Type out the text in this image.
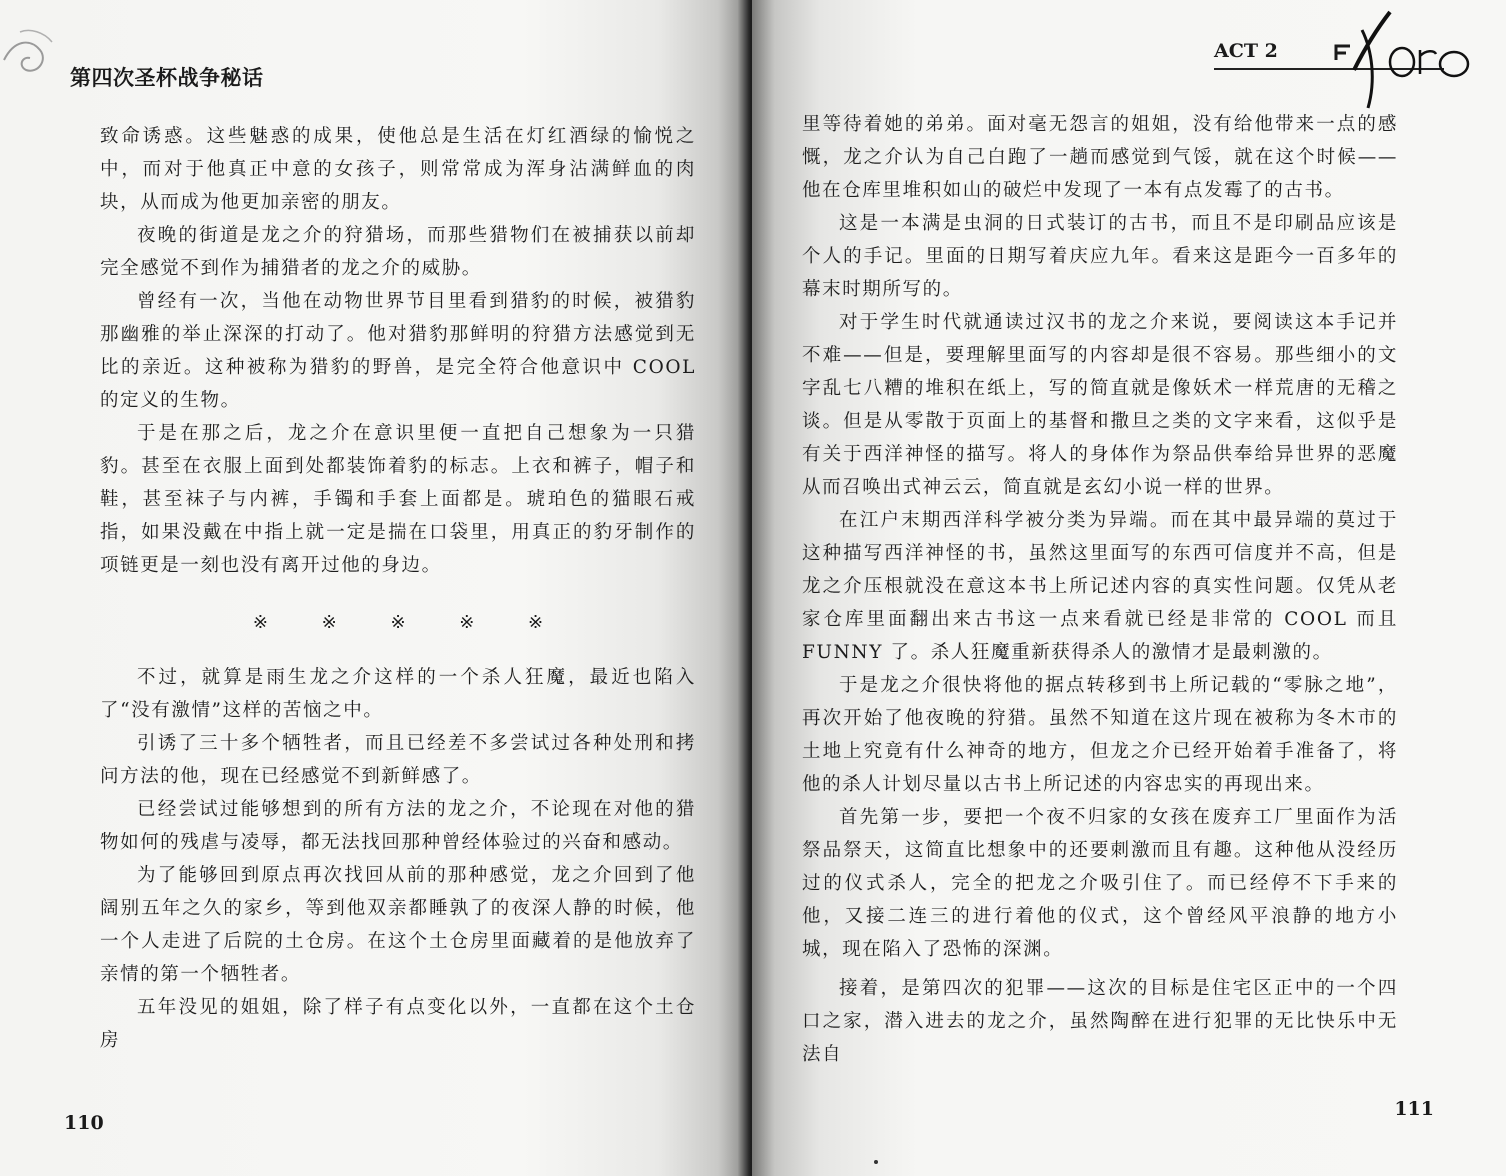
第四次圣杯战争秘话

致命诱惑。这些魅惑的成果，使他总是生活在灯红酒绿的愉悦之中，而对于他真正中意的女孩子，则常常成为浑身沾满鲜血的肉块，从而成为他更加亲密的朋友。

夜晚的街道是龙之介的狩猎场，而那些猎物们在被捕获以前却完全感觉不到作为捕猎者的龙之介的威胁。

曾经有一次，当他在动物世界节目里看到猎豹的时候，被猎豹那幽雅的举止深深的打动了。他对猎豹那鲜明的狩猎方法感觉到无比的亲近。这种被称为猎豹的野兽，是完全符合他意识中 COOL 的定义的生物。

于是在那之后，龙之介在意识里便一直把自己想象为一只猎豹。甚至在衣服上面到处都装饰着豹的标志。上衣和裤子，帽子和鞋，甚至袜子与内裤，手镯和手套上面都是。琥珀色的猫眼石戒指，如果没戴在中指上就一定是揣在口袋里，用真正的豹牙制作的项链更是一刻也没有离开过他的身边。

※ ※ ※ ※ ※

不过，就算是雨生龙之介这样的一个杀人狂魔，最近也陷入了“没有激情”这样的苦恼之中。

引诱了三十多个牺牲者，而且已经差不多尝试过各种处刑和拷问方法的他，现在已经感觉不到新鲜感了。

已经尝试过能够想到的所有方法的龙之介，不论现在对他的猎物如何的残虐与凌辱，都无法找回那种曾经体验过的兴奋和感动。

为了能够回到原点再次找回从前的那种感觉，龙之介回到了他阔别五年之久的家乡，等到他双亲都睡孰了的夜深人静的时候，他一个人走进了后院的土仓房。在这个土仓房里面藏着的是他放弃了亲情的第一个牺牲者。

五年没见的姐姐，除了样子有点变化以外，一直都在这个土仓房

110
ACT 2

里等待着她的弟弟。面对毫无怨言的姐姐，没有给他带来一点的感慨，龙之介认为自己白跑了一趟而感觉到气馁，就在这个时候——他在仓库里堆积如山的破烂中发现了一本有点发霉了的古书。

这是一本满是虫洞的日式装订的古书，而且不是印刷品应该是个人的手记。里面的日期写着庆应九年。看来这是距今一百多年的幕末时期所写的。

对于学生时代就通读过汉书的龙之介来说，要阅读这本手记并不难——但是，要理解里面写的内容却是很不容易。那些细小的文字乱七八糟的堆积在纸上，写的简直就是像妖术一样荒唐的无稽之谈。但是从零散于页面上的基督和撒旦之类的文字来看，这似乎是有关于西洋神怪的描写。将人的身体作为祭品供奉给异世界的恶魔从而召唤出式神云云，简直就是玄幻小说一样的世界。

在江户末期西洋科学被分类为异端。而在其中最异端的莫过于这种描写西洋神怪的书，虽然这里面写的东西可信度并不高，但是龙之介压根就没在意这本书上所记述内容的真实性问题。仅凭从老家仓库里面翻出来古书这一点来看就已经是非常的 COOL 而且 FUNNY 了。杀人狂魔重新获得杀人的激情才是最刺激的。

于是龙之介很快将他的据点转移到书上所记载的“零脉之地”，再次开始了他夜晚的狩猎。虽然不知道在这片现在被称为冬木市的土地上究竟有什么神奇的地方，但龙之介已经开始着手准备了，将他的杀人计划尽量以古书上所记述的内容忠实的再现出来。

首先第一步，要把一个夜不归家的女孩在废弃工厂里面作为活祭品祭天，这简直比想象中的还要刺激而且有趣。这种他从没经历过的仪式杀人，完全的把龙之介吸引住了。而已经停不下手来的他，又接二连三的进行着他的仪式，这个曾经风平浪静的地方小城，现在陷入了恐怖的深渊。

接着，是第四次的犯罪——这次的目标是住宅区正中的一个四口之家，潜入进去的龙之介，虽然陶醉在进行犯罪的无比快乐中无法自

111
